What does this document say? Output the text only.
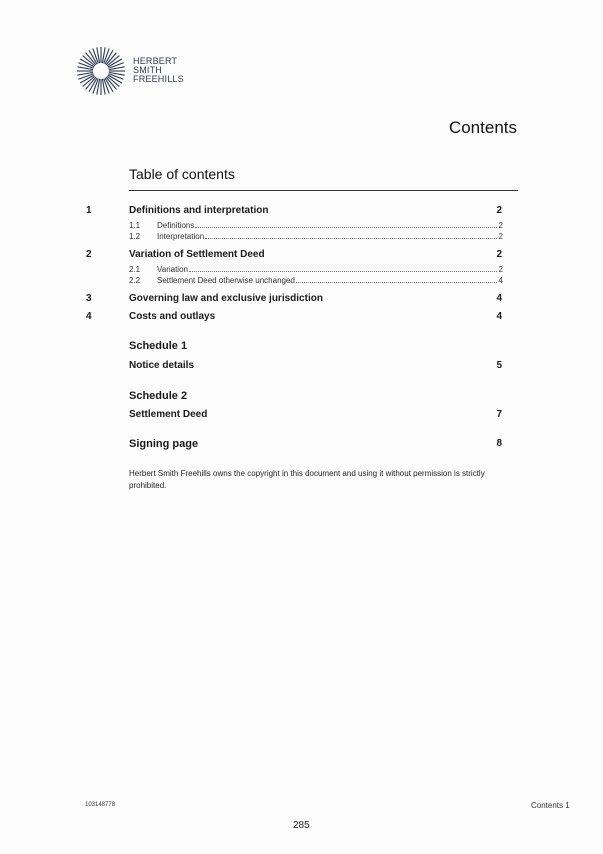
HERBERT
SMITH
FREEHILLS
Contents
Table of contents
1	Definitions and interpretation	2
1.1	Definitions	2
1.2	Interpretation	2
2	Variation of Settlement Deed	2
2.1	Variation	2
2.2	Settlement Deed otherwise unchanged	4
3	Governing law and exclusive jurisdiction	4
4	Costs and outlays	4
Schedule 1
Notice details	5
Schedule 2
Settlement Deed	7
Signing page	8
Herbert Smith Freehills owns the copyright in this document and using it without permission is strictly prohibited.
103148778	Contents 1
285
